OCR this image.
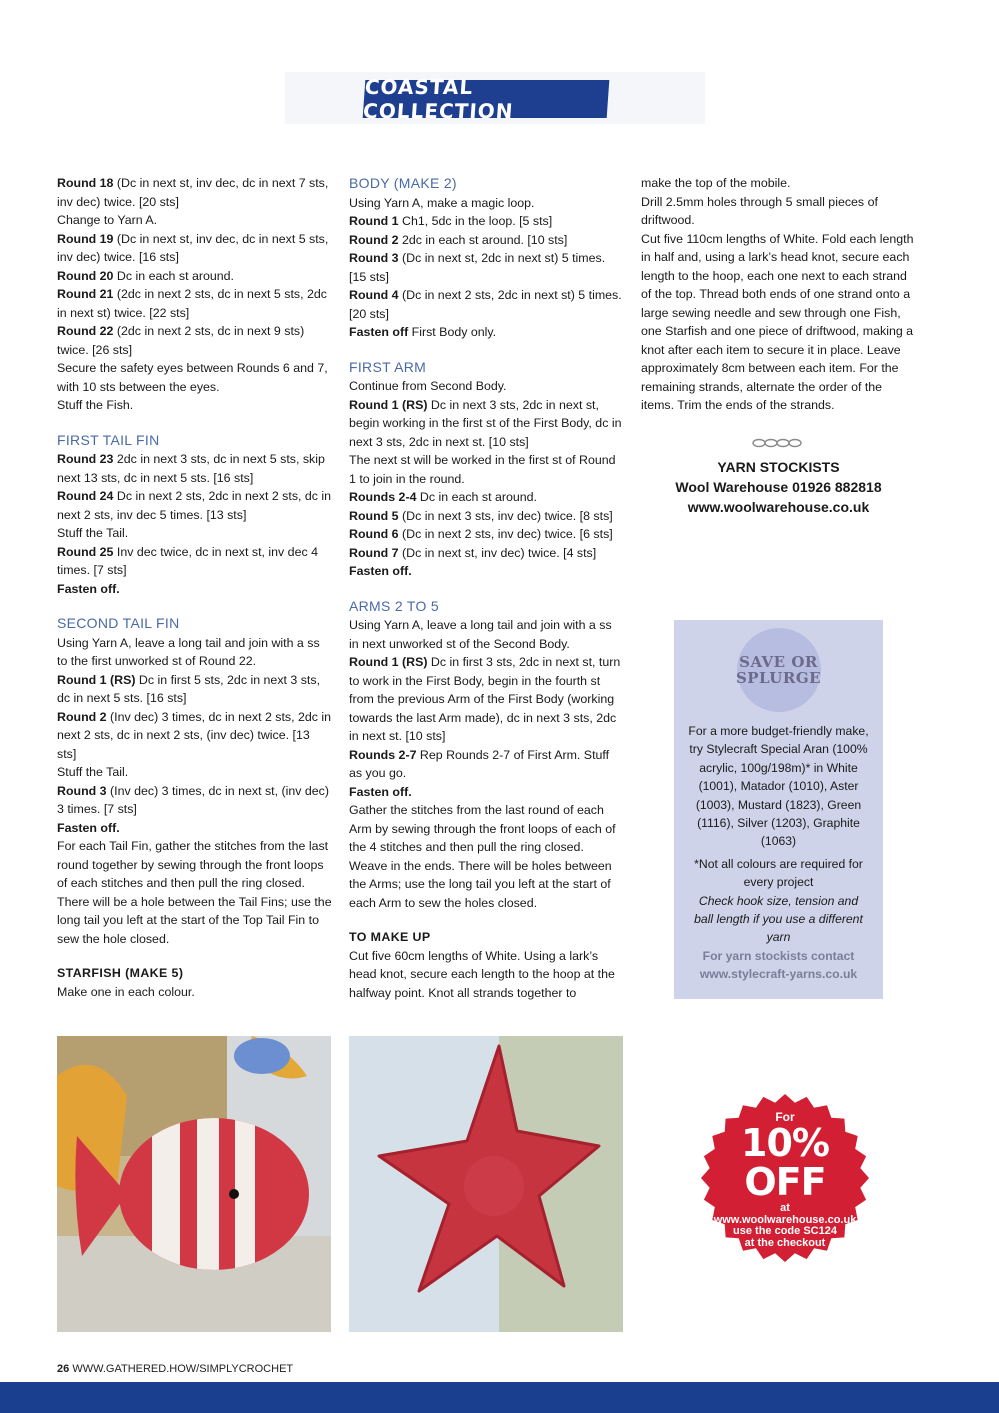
COASTAL COLLECTION

Round 18 (Dc in next st, inv dec, dc in next 7 sts, inv dec) twice. [20 sts]

Change to Yarn A.

Round 19 (Dc in next st, inv dec, dc in next 5 sts, inv dec) twice. [16 sts]

Round 20 Dc in each st around.

Round 21 (2dc in next 2 sts, dc in next 5 sts, 2dc in next st) twice. [22 sts]

Round 22 (2dc in next 2 sts, dc in next 9 sts) twice. [26 sts]

Secure the safety eyes between Rounds 6 and 7, with 10 sts between the eyes.

Stuff the Fish.

FIRST TAIL FIN

Round 23 2dc in next 3 sts, dc in next 5 sts, skip next 13 sts, dc in next 5 sts. [16 sts]

Round 24 Dc in next 2 sts, 2dc in next 2 sts, dc in next 2 sts, inv dec 5 times. [13 sts]

Stuff the Tail.

Round 25 Inv dec twice, dc in next st, inv dec 4 times. [7 sts]

Fasten off.

SECOND TAIL FIN

Using Yarn A, leave a long tail and join with a ss to the first unworked st of Round 22.

Round 1 (RS) Dc in first 5 sts, 2dc in next 3 sts, dc in next 5 sts. [16 sts]

Round 2 (Inv dec) 3 times, dc in next 2 sts, 2dc in next 2 sts, dc in next 2 sts, (inv dec) twice. [13 sts]

Stuff the Tail.

Round 3 (Inv dec) 3 times, dc in next st, (inv dec) 3 times. [7 sts]

Fasten off.

For each Tail Fin, gather the stitches from the last round together by sewing through the front loops of each stitches and then pull the ring closed. There will be a hole between the Tail Fins; use the long tail you left at the start of the Top Tail Fin to sew the hole closed.

STARFISH (MAKE 5)

Make one in each colour.

BODY (MAKE 2)

Using Yarn A, make a magic loop.

Round 1 Ch1, 5dc in the loop. [5 sts]

Round 2 2dc in each st around. [10 sts]

Round 3 (Dc in next st, 2dc in next st) 5 times. [15 sts]

Round 4 (Dc in next 2 sts, 2dc in next st) 5 times. [20 sts]

Fasten off First Body only.

FIRST ARM

Continue from Second Body.

Round 1 (RS) Dc in next 3 sts, 2dc in next st, begin working in the first st of the First Body, dc in next 3 sts, 2dc in next st. [10 sts]

The next st will be worked in the first st of Round 1 to join in the round.

Rounds 2-4 Dc in each st around.

Round 5 (Dc in next 3 sts, inv dec) twice. [8 sts]

Round 6 (Dc in next 2 sts, inv dec) twice. [6 sts]

Round 7 (Dc in next st, inv dec) twice. [4 sts]

Fasten off.

ARMS 2 TO 5

Using Yarn A, leave a long tail and join with a ss in next unworked st of the Second Body.

Round 1 (RS) Dc in first 3 sts, 2dc in next st, turn to work in the First Body, begin in the fourth st from the previous Arm of the First Body (working towards the last Arm made), dc in next 3 sts, 2dc in next st. [10 sts]

Rounds 2-7 Rep Rounds 2-7 of First Arm. Stuff as you go.

Fasten off.

Gather the stitches from the last round of each Arm by sewing through the front loops of each of the 4 stitches and then pull the ring closed. Weave in the ends. There will be holes between the Arms; use the long tail you left at the start of each Arm to sew the holes closed.

TO MAKE UP

Cut five 60cm lengths of White. Using a lark’s head knot, secure each length to the hoop at the halfway point. Knot all strands together to

make the top of the mobile.

Drill 2.5mm holes through 5 small pieces of driftwood.

Cut five 110cm lengths of White. Fold each length in half and, using a lark’s head knot, secure each length to the hoop, each one next to each strand of the top. Thread both ends of one strand onto a large sewing needle and sew through one Fish, one Starfish and one piece of driftwood, making a knot after each item to secure it in place. Leave approximately 8cm between each item. For the remaining strands, alternate the order of the items. Trim the ends of the strands.

YARN STOCKISTS

Wool Warehouse 01926 882818

www.woolwarehouse.co.uk

SAVE OR
SPLURGE

For a more budget-friendly make, try Stylecraft Special Aran (100% acrylic, 100g/198m)* in White (1001), Matador (1010), Aster (1003), Mustard (1823), Green (1116), Silver (1203), Graphite (1063)

*Not all colours are required for every project

Check hook size, tension and ball length if you use a different yarn

For yarn stockists contact www.stylecraft-yarns.co.uk

For
10% OFF
at
www.woolwarehouse.co.uk
use the code SC124
at the checkout
26 WWW.GATHERED.HOW/SIMPLYCROCHET
